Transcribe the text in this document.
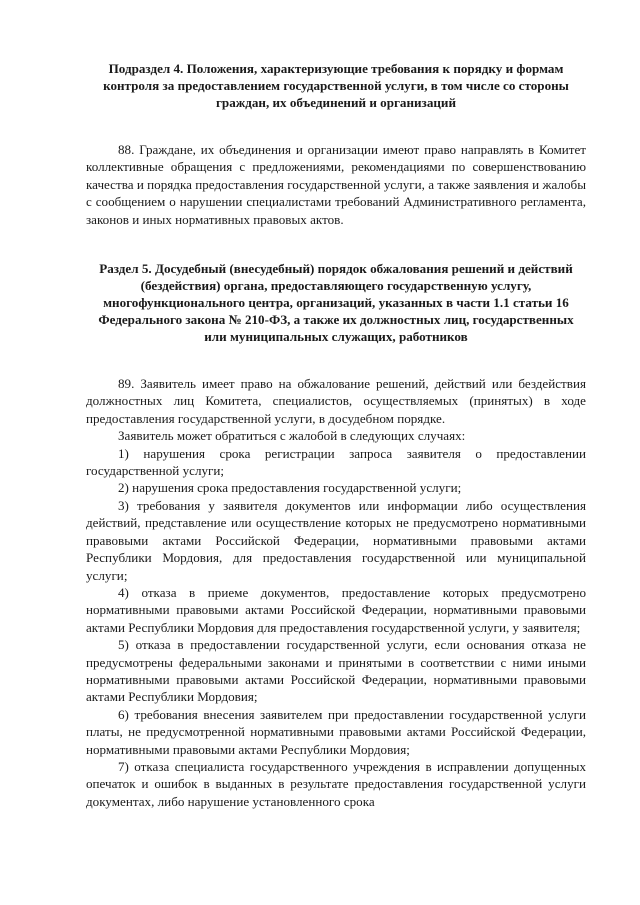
Подраздел 4. Положения, характеризующие требования к порядку и формам контроля за предоставлением государственной услуги, в том числе со стороны граждан, их объединений и организаций

88. Граждане, их объединения и организации имеют право направлять в Комитет коллективные обращения с предложениями, рекомендациями по совершенствованию качества и порядка предоставления государственной услуги, а также заявления и жалобы с сообщением о нарушении специалистами требований Административного регламента, законов и иных нормативных правовых актов.

Раздел 5. Досудебный (внесудебный) порядок обжалования решений и действий (бездействия) органа, предоставляющего государственную услугу, многофункционального центра, организаций, указанных в части 1.1 статьи 16 Федерального закона № 210-ФЗ, а также их должностных лиц, государственных или муниципальных служащих, работников

89. Заявитель имеет право на обжалование решений, действий или бездействия должностных лиц Комитета, специалистов, осуществляемых (принятых) в ходе предоставления государственной услуги, в досудебном порядке.

Заявитель может обратиться с жалобой в следующих случаях:

1) нарушения срока регистрации запроса заявителя о предоставлении государственной услуги;

2) нарушения срока предоставления государственной услуги;

3) требования у заявителя документов или информации либо осуществления действий, представление или осуществление которых не предусмотрено нормативными правовыми актами Российской Федерации, нормативными правовыми актами Республики Мордовия, для предоставления государственной или муниципальной услуги;

4) отказа в приеме документов, предоставление которых предусмотрено нормативными правовыми актами Российской Федерации, нормативными правовыми актами Республики Мордовия для предоставления государственной услуги, у заявителя;

5) отказа в предоставлении государственной услуги, если основания отказа не предусмотрены федеральными законами и принятыми в соответствии с ними иными нормативными правовыми актами Российской Федерации, нормативными правовыми актами Республики Мордовия;

6) требования внесения заявителем при предоставлении государственной услуги платы, не предусмотренной нормативными правовыми актами Российской Федерации, нормативными правовыми актами Республики Мордовия;

7) отказа специалиста государственного учреждения в исправлении допущенных опечаток и ошибок в выданных в результате предоставления государственной услуги документах, либо нарушение установленного срока
